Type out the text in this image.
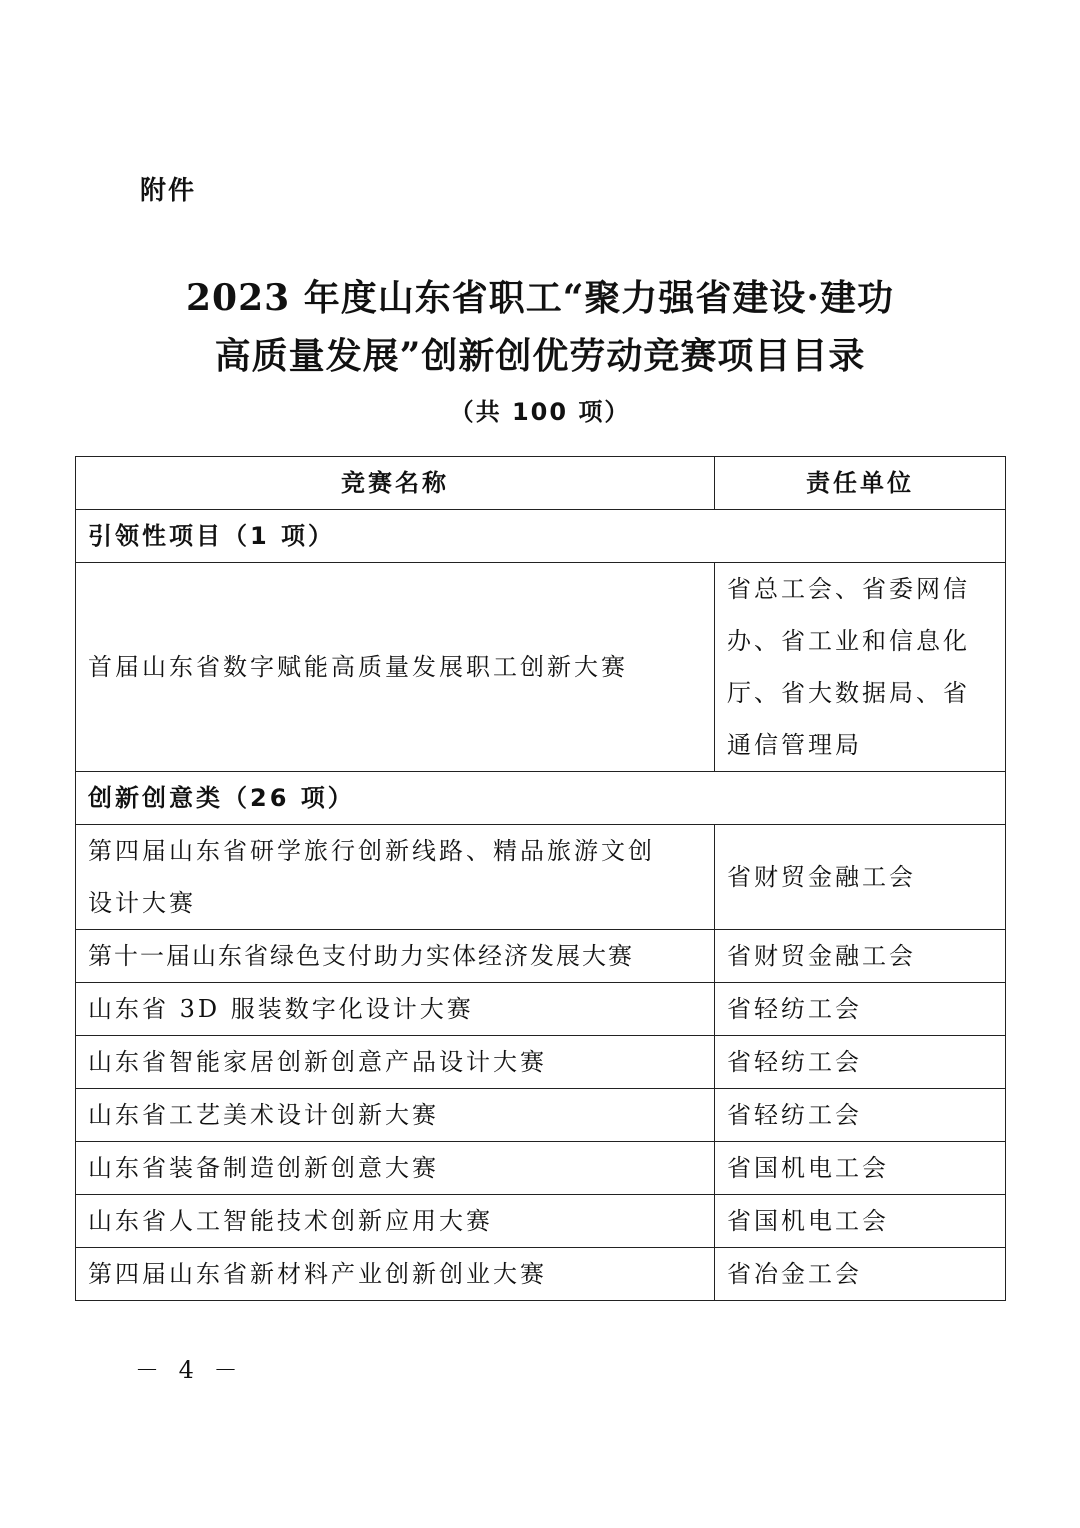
附件
2023 年度山东省职工“聚力强省建设·建功
高质量发展”创新创优劳动竞赛项目目录
（共 100 项）
竞赛名称	责任单位
引领性项目（1 项）	
首届山东省数字赋能高质量发展职工创新大赛	省总工会、省委网信
办、省工业和信息化
厅、省大数据局、省
通信管理局

创新创意类（26 项）	

第四届山东省研学旅行创新线路、精品旅游文创
设计大赛	省财贸金融工会
第十一届山东省绿色支付助力实体经济发展大赛	省财贸金融工会
山东省 3D 服装数字化设计大赛	省轻纺工会
山东省智能家居创新创意产品设计大赛	省轻纺工会
山东省工艺美术设计创新大赛	省轻纺工会
山东省装备制造创新创意大赛	省国机电工会
山东省人工智能技术创新应用大赛	省国机电工会
第四届山东省新材料产业创新创业大赛	省冶金工会
－ 4 －
